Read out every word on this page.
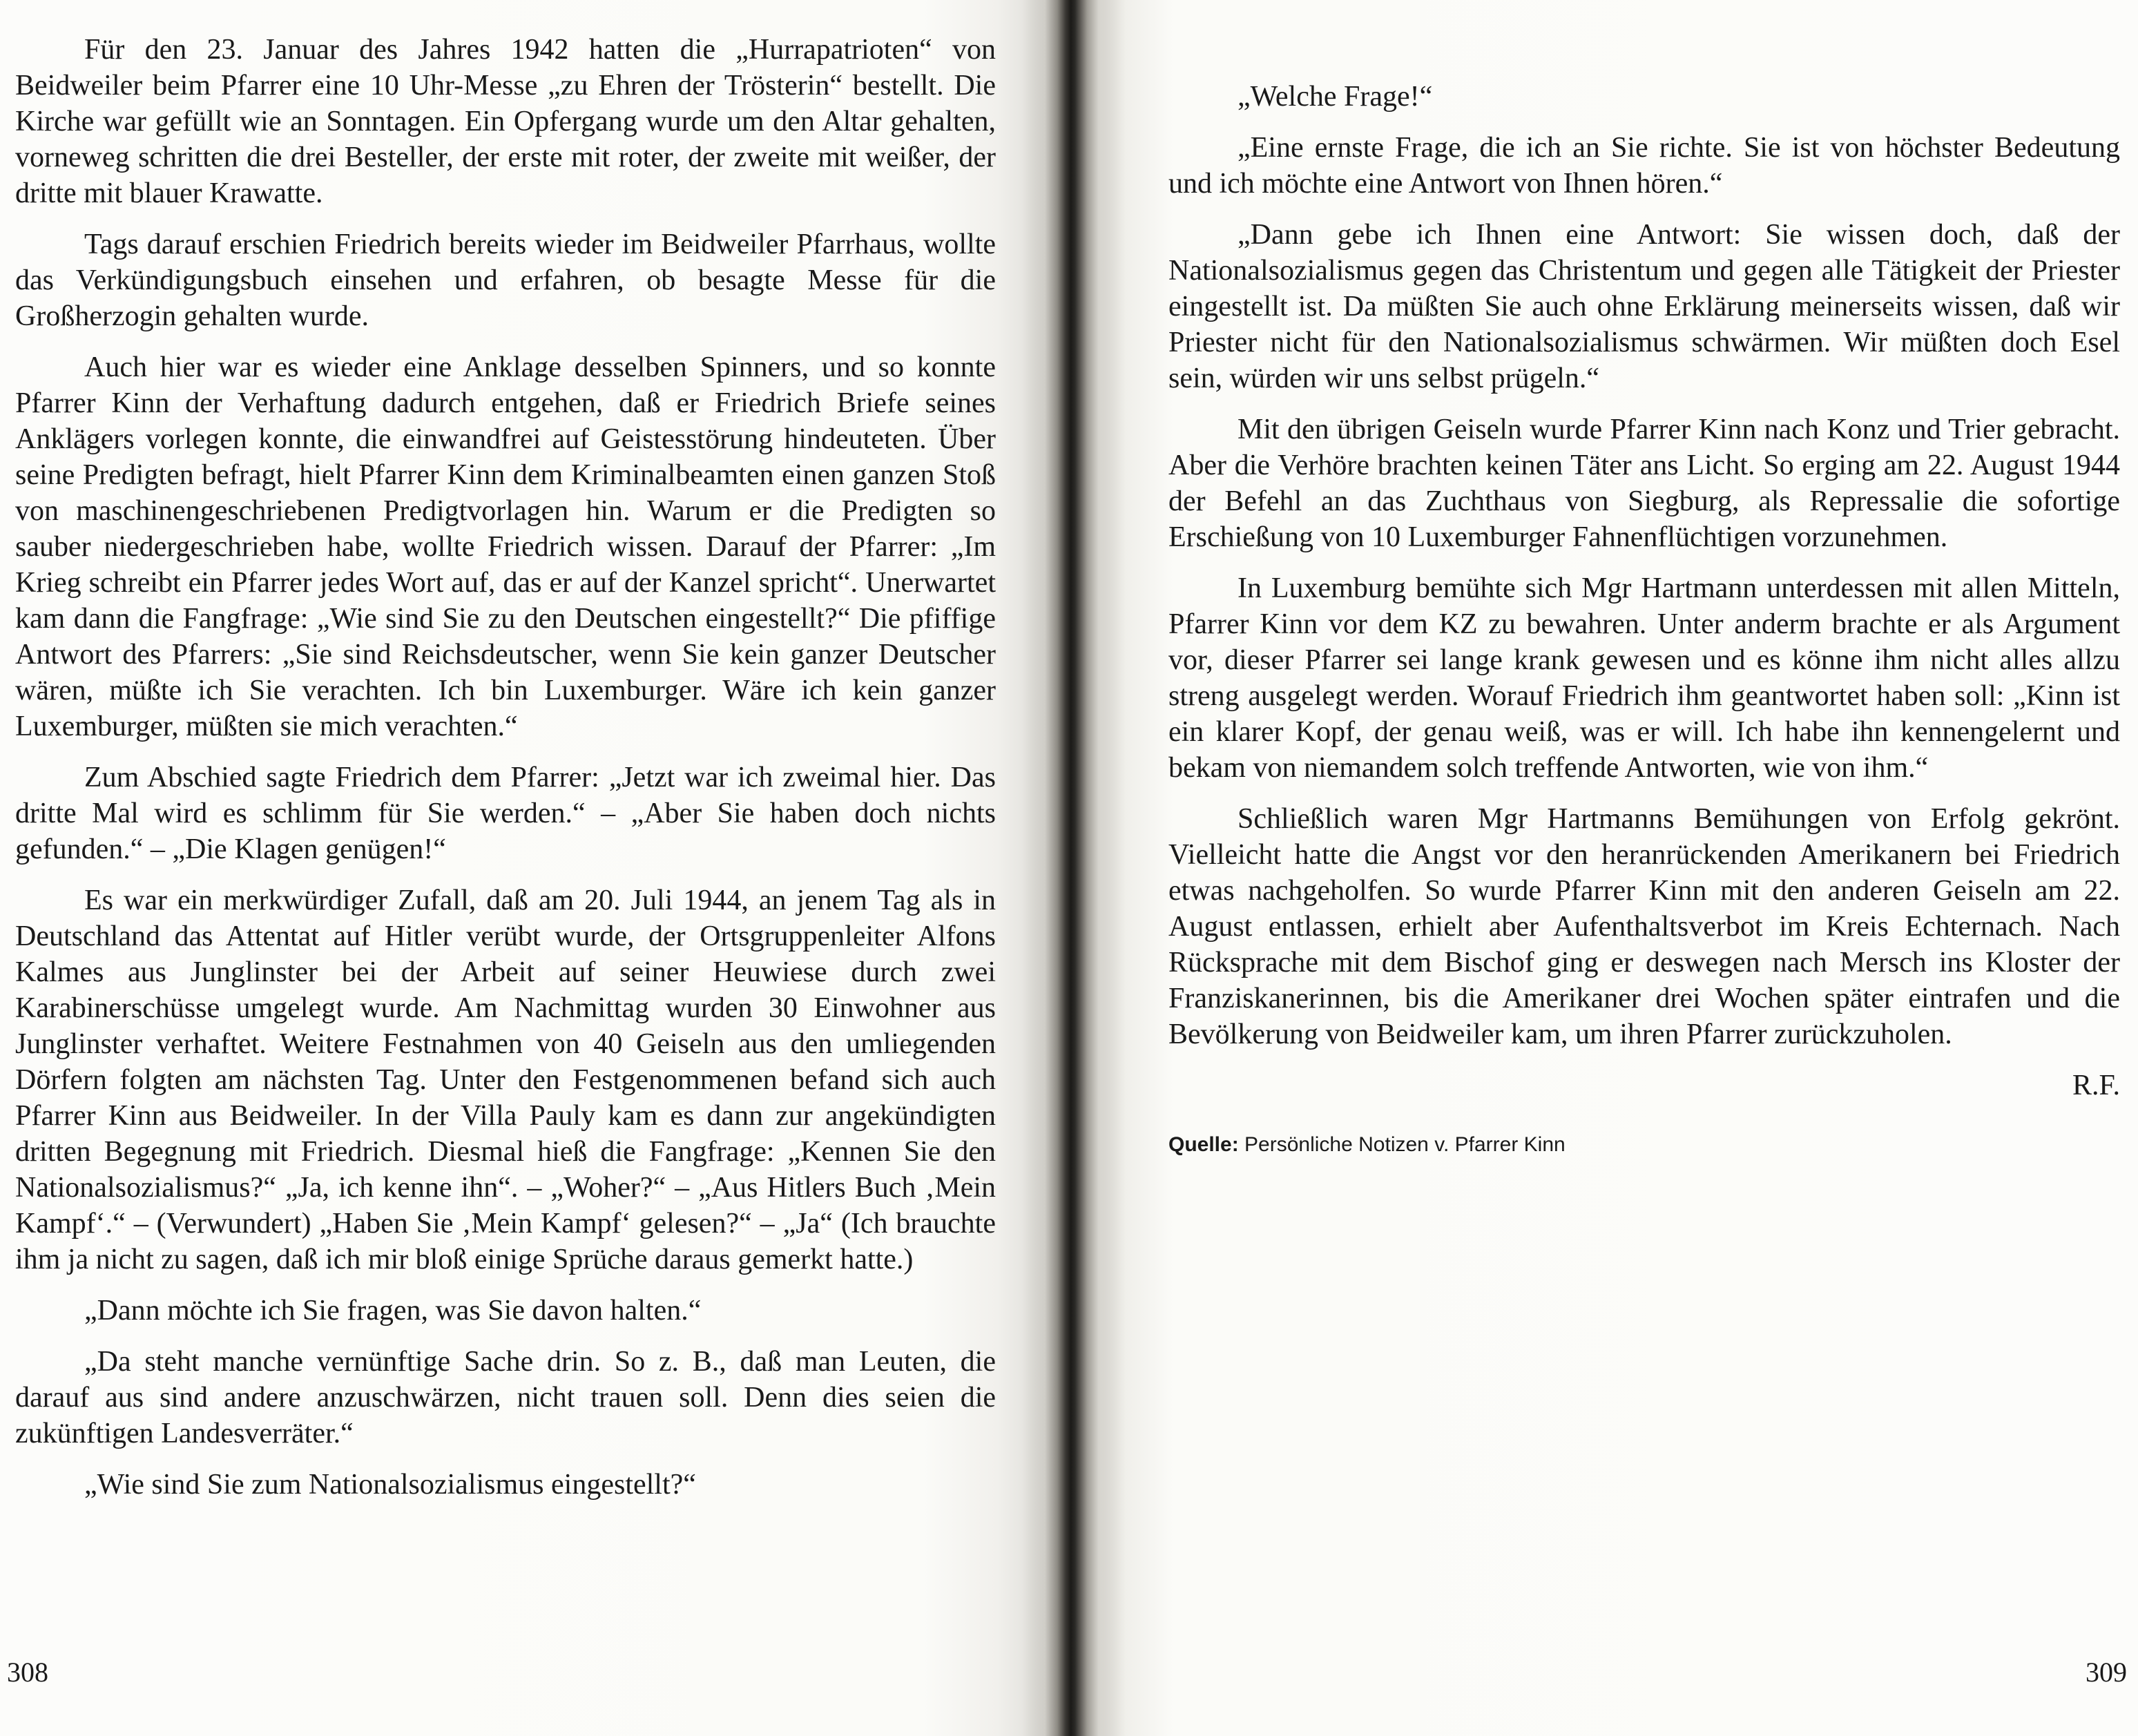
Für den 23. Januar des Jahres 1942 hatten die „Hurrapatrioten“ von Beidweiler beim Pfarrer eine 10 Uhr-Messe „zu Ehren der Trösterin“ bestellt. Die Kirche war gefüllt wie an Sonntagen. Ein Opfergang wurde um den Altar gehalten, vorneweg schritten die drei Besteller, der erste mit roter, der zweite mit weißer, der dritte mit blauer Krawatte.

Tags darauf erschien Friedrich bereits wieder im Beidweiler Pfarrhaus, wollte das Verkündigungsbuch einsehen und erfahren, ob besagte Messe für die Großherzogin gehalten wurde.

Auch hier war es wieder eine Anklage desselben Spinners, und so konnte Pfarrer Kinn der Verhaftung dadurch entgehen, daß er Friedrich Briefe seines Anklägers vorlegen konnte, die einwandfrei auf Geistesstörung hindeuteten. Über seine Predigten befragt, hielt Pfarrer Kinn dem Kriminalbeamten einen ganzen Stoß von maschinengeschriebenen Predigtvorlagen hin. Warum er die Predigten so sauber niedergeschrieben habe, wollte Friedrich wissen. Darauf der Pfarrer: „Im Krieg schreibt ein Pfarrer jedes Wort auf, das er auf der Kanzel spricht“. Unerwartet kam dann die Fangfrage: „Wie sind Sie zu den Deutschen eingestellt?“ Die pfiffige Antwort des Pfarrers: „Sie sind Reichsdeutscher, wenn Sie kein ganzer Deutscher wären, müßte ich Sie verachten. Ich bin Luxemburger. Wäre ich kein ganzer Luxemburger, müßten sie mich verachten.“

Zum Abschied sagte Friedrich dem Pfarrer: „Jetzt war ich zweimal hier. Das dritte Mal wird es schlimm für Sie werden.“ – „Aber Sie haben doch nichts gefunden.“ – „Die Klagen genügen!“

Es war ein merkwürdiger Zufall, daß am 20. Juli 1944, an jenem Tag als in Deutschland das Attentat auf Hitler verübt wurde, der Ortsgruppenleiter Alfons Kalmes aus Junglinster bei der Arbeit auf seiner Heuwiese durch zwei Karabinerschüsse umgelegt wurde. Am Nachmittag wurden 30 Einwohner aus Junglinster verhaftet. Weitere Festnahmen von 40 Geiseln aus den umliegenden Dörfern folgten am nächsten Tag. Unter den Festgenommenen befand sich auch Pfarrer Kinn aus Beidweiler. In der Villa Pauly kam es dann zur angekündigten dritten Begegnung mit Friedrich. Diesmal hieß die Fangfrage: „Kennen Sie den Nationalsozialismus?“ „Ja, ich kenne ihn“. – „Woher?“ – „Aus Hitlers Buch ‚Mein Kampf‘.“ – (Verwundert) „Haben Sie ‚Mein Kampf‘ gelesen?“ – „Ja“ (Ich brauchte ihm ja nicht zu sagen, daß ich mir bloß einige Sprüche daraus gemerkt hatte.)

„Dann möchte ich Sie fragen, was Sie davon halten.“

„Da steht manche vernünftige Sache drin. So z. B., daß man Leuten, die darauf aus sind andere anzuschwärzen, nicht trauen soll. Denn dies seien die zukünftigen Landesverräter.“

„Wie sind Sie zum Nationalsozialismus eingestellt?“

308

„Welche Frage!“

„Eine ernste Frage, die ich an Sie richte. Sie ist von höchster Bedeutung und ich möchte eine Antwort von Ihnen hören.“

„Dann gebe ich Ihnen eine Antwort: Sie wissen doch, daß der Nationalsozialismus gegen das Christentum und gegen alle Tätigkeit der Priester eingestellt ist. Da müßten Sie auch ohne Erklärung meinerseits wissen, daß wir Priester nicht für den Nationalsozialismus schwärmen. Wir müßten doch Esel sein, würden wir uns selbst prügeln.“

Mit den übrigen Geiseln wurde Pfarrer Kinn nach Konz und Trier gebracht. Aber die Verhöre brachten keinen Täter ans Licht. So erging am 22. August 1944 der Befehl an das Zuchthaus von Siegburg, als Repressalie die sofortige Erschießung von 10 Luxemburger Fahnenflüchtigen vorzunehmen.

In Luxemburg bemühte sich Mgr Hartmann unterdessen mit allen Mitteln, Pfarrer Kinn vor dem KZ zu bewahren. Unter anderm brachte er als Argument vor, dieser Pfarrer sei lange krank gewesen und es könne ihm nicht alles allzu streng ausgelegt werden. Worauf Friedrich ihm geantwortet haben soll: „Kinn ist ein klarer Kopf, der genau weiß, was er will. Ich habe ihn kennengelernt und bekam von niemandem solch treffende Antworten, wie von ihm.“

Schließlich waren Mgr Hartmanns Bemühungen von Erfolg gekrönt. Vielleicht hatte die Angst vor den heranrückenden Amerikanern bei Friedrich etwas nachgeholfen. So wurde Pfarrer Kinn mit den anderen Geiseln am 22. August entlassen, erhielt aber Aufenthaltsverbot im Kreis Echternach. Nach Rücksprache mit dem Bischof ging er deswegen nach Mersch ins Kloster der Franziskanerinnen, bis die Amerikaner drei Wochen später eintrafen und die Bevölkerung von Beidweiler kam, um ihren Pfarrer zurückzuholen.

R.F.

Quelle: Persönliche Notizen v. Pfarrer Kinn
309
